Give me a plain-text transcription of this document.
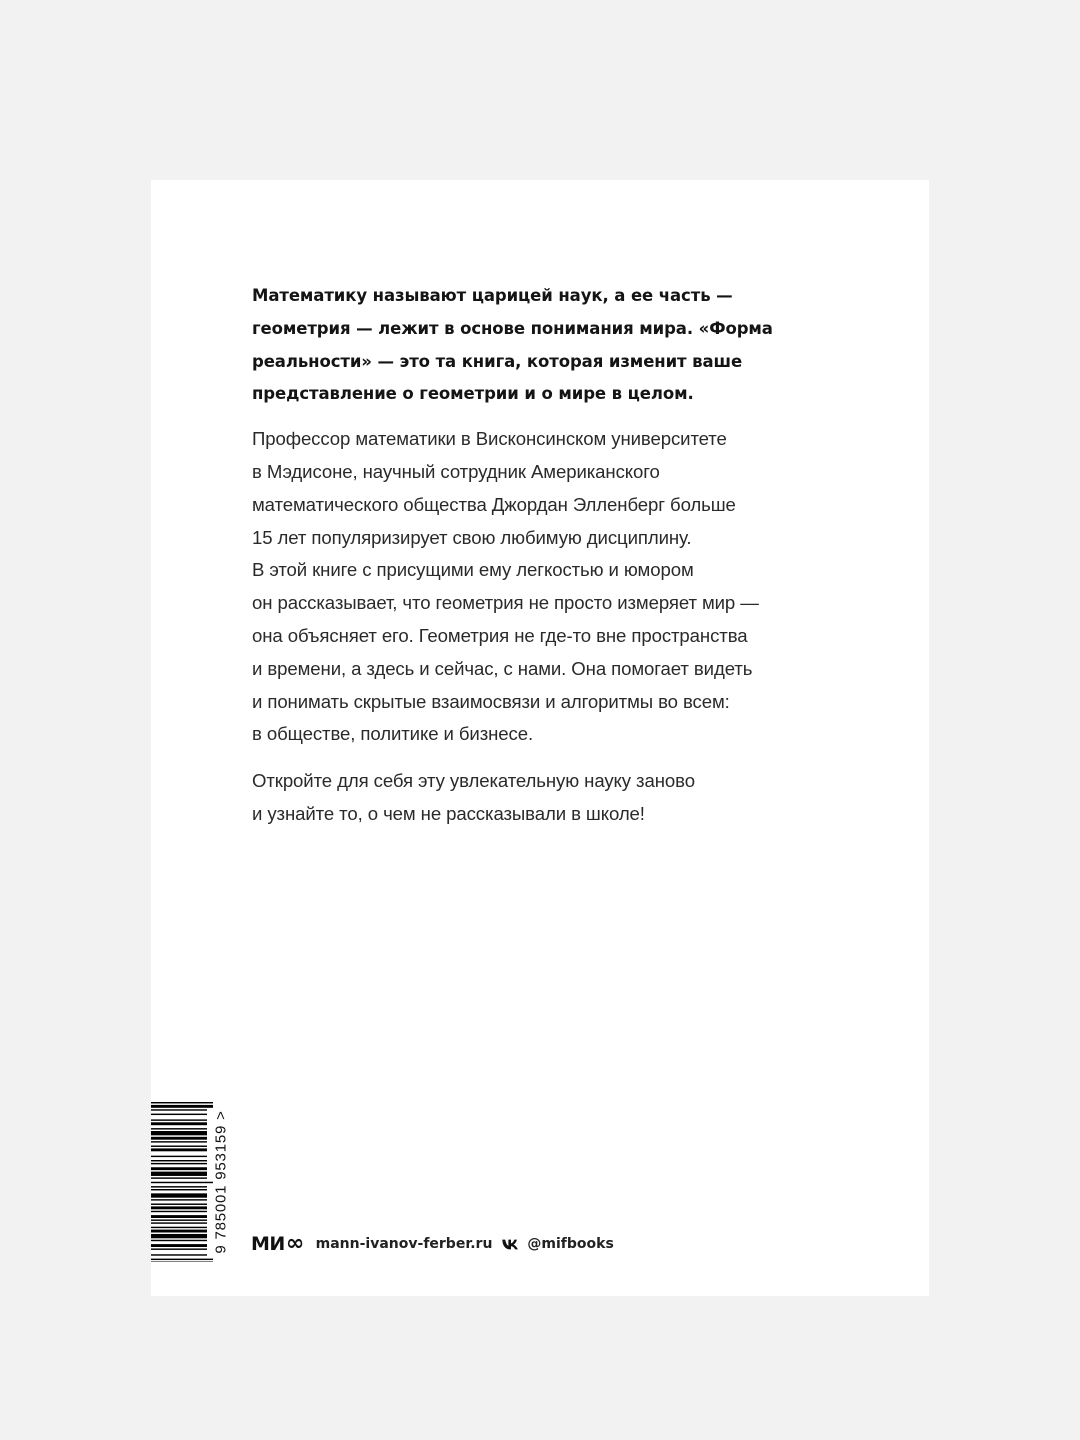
Математику называют царицей наук, а ее часть —
геометрия — лежит в основе понимания мира. «Форма
реальности» — это та книга, которая изменит ваше
представление о геометрии и о мире в целом.

Профессор математики в Висконсинском университете
в Мэдисоне, научный сотрудник Американского
математического общества Джордан Элленберг больше
15 лет популяризирует свою любимую дисциплину.
В этой книге с присущими ему легкостью и юмором
он рассказывает, что геометрия не просто измеряет мир —
она объясняет его. Геометрия не где-то вне пространства
и времени, а здесь и сейчас, с нами. Она помогает видеть
и понимать скрытые взаимосвязи и алгоритмы во всем:
в обществе, политике и бизнесе.

Откройте для себя эту увлекательную науку заново
и узнайте то, о чем не рассказывали в школе!

9 785001 953159 > МИ ∞ mann-ivanov-ferber.ru	@mifbooks
